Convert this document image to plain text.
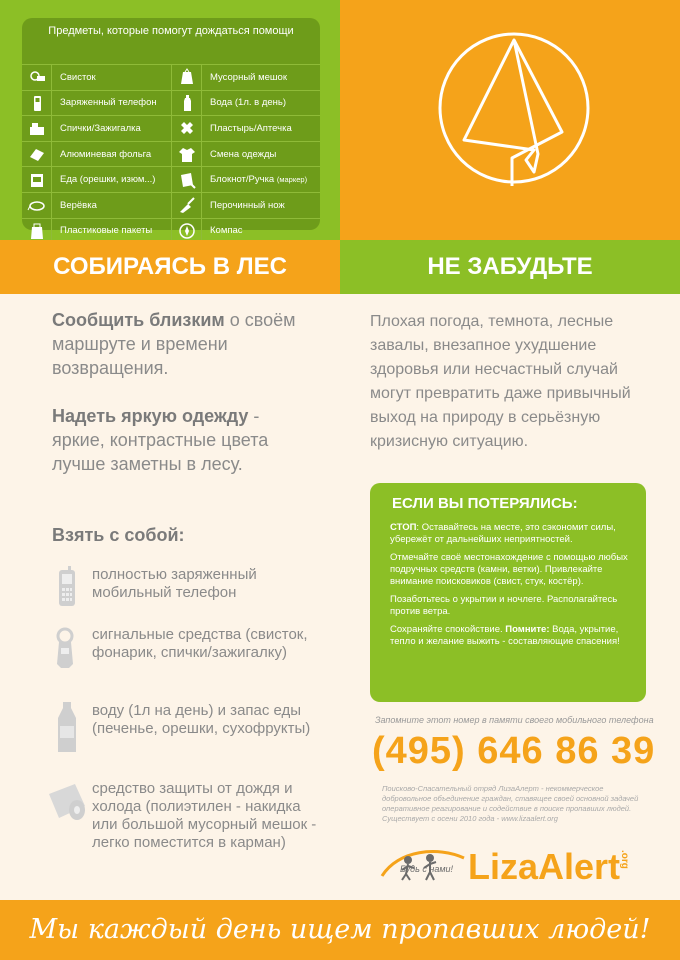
Предметы, которые помогут дождаться помощи
Свисток	Мусорный мешок
Заряженный телефон	Вода (1л. в день)
Спички/Зажигалка	Пластырь/Аптечка
Алюминевая фольга	Смена одежды
Еда (орешки, изюм...)	Блокнот/Ручка (маркер)
Верёвка	Перочинный нож
Пластиковые пакеты	Компас
СОБИРАЯСЬ В ЛЕС	НЕ ЗАБУДЬТЕ

Сообщить близким о своём маршруте и времени возвращения.

Надеть яркую одежду - яркие, контрастные цвета лучше заметны в лесу.

Взять с собой:
полностью заряженный мобильный телефон
сигнальные средства (свисток, фонарик, спички/зажигалку)
воду (1л на день) и запас еды (печенье, орешки, сухофрукты)
средство защиты от дождя и холода (полиэтилен - накидка или большой мусорный мешок - легко поместится в карман)
Плохая погода, темнота, лесные завалы, внезапное ухудшение здоровья или несчастный случай могут превратить даже привычный выход на природу в серьёзную кризисную ситуацию.
ЕСЛИ ВЫ ПОТЕРЯЛИСЬ:

СТОП: Оставайтесь на месте, это сэкономит силы, убережёт от дальнейших неприятностей.

Отмечайте своё местонахождение с помощью любых подручных средств (камни, ветки). Привлекайте внимание поисковиков (свист, стук, костёр).

Позаботьтесь о укрытии и ночлеге. Располагайтесь против ветра.

Сохраняйте спокойствие. Помните: Вода, укрытие, тепло и желание выжить - составляющие спасения!

Запомните этот номер в памяти своего мобильного телефона
(495) 646 86 39
Поисково-Спасательный отряд ЛизаАлерт - некоммерческое добровольное объединение граждан, ставящее своей основной задачей оперативное реагирование и содействие в поиске пропавших людей.
Существует с осени 2010 года - www.lizaalert.org
Будь с нами! LizaAlert
.org
Мы каждый день ищем пропавших людей!
